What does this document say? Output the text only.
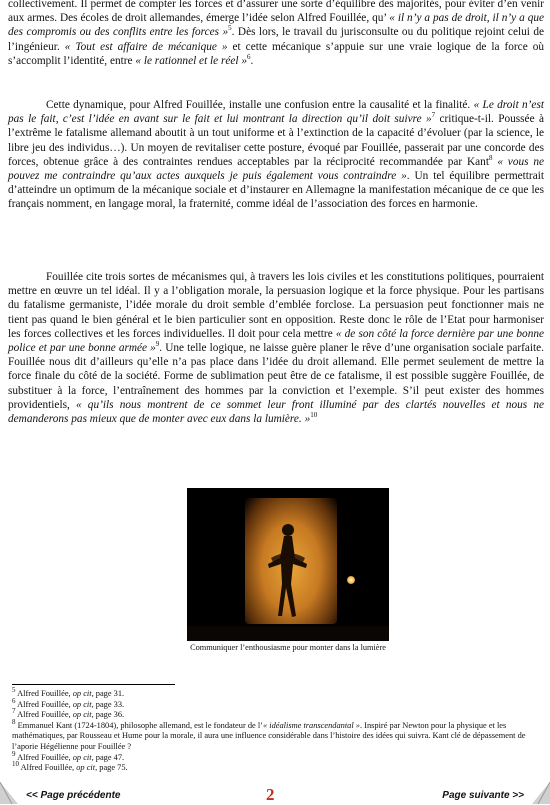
collectivement. Il permet de compter les forces et d’assurer une sorte d’équilibre des majorités, pour éviter d’en venir aux armes. Des écoles de droit allemandes, émerge l’idée selon Alfred Fouillée, qu’ « il n’y a pas de droit, il n’y a que des compromis ou des conflits entre les forces »$^5$. Dès lors, le travail du jurisconsulte ou du politique rejoint celui de l’ingénieur. « Tout est affaire de mécanique » et cette mécanique s’appuie sur une vraie logique de la force où s’accomplit l’identité, entre « le rationnel et le réel »$^6$.

Cette dynamique, pour Alfred Fouillée, installe une confusion entre la causalité et la finalité. « Le droit n’est pas le fait, c’est l’idée en avant sur le fait et lui montrant la direction qu’il doit suivre »$^7$ critique-t-il. Poussée à l’extrême le fatalisme allemand aboutit à un tout uniforme et à l’extinction de la capacité d’évoluer (par la science, le libre jeu des individus…). Un moyen de revitaliser cette posture, évoqué par Fouillée, passerait par une concorde des forces, obtenue grâce à des contraintes rendues acceptables par la réciprocité recommandée par Kant$^8$ « vous ne pouvez me contraindre qu’aux actes auxquels je puis également vous contraindre ». Un tel équilibre permettrait d’atteindre un optimum de la mécanique sociale et d’instaurer en Allemagne la manifestation mécanique de ce que les français nomment, en langage moral, la fraternité, comme idéal de l’association des forces en harmonie.

Fouillée cite trois sortes de mécanismes qui, à travers les lois civiles et les constitutions politiques, pourraient mettre en œuvre un tel idéal. Il y a l’obligation morale, la persuasion logique et la force physique. Pour les partisans du fatalisme germaniste, l’idée morale du droit semble d’emblée forclose. La persuasion peut fonctionner mais ne tient pas quand le bien général et le bien particulier sont en opposition. Reste donc le rôle de l’Etat pour harmoniser les forces collectives et les forces individuelles. Il doit pour cela mettre « de son côté la force dernière par une bonne police et par une bonne armée »$^9$. Une telle logique, ne laisse guère planer le rêve d’une organisation sociale parfaite. Fouillée nous dit d’ailleurs qu’elle n’a pas place dans l’idée du droit allemand. Elle permet seulement de mettre la force finale du côté de la société. Forme de sublimation peut être de ce fatalisme, il est possible suggère Fouillée, de substituer à la force, l’entraînement des hommes par la conviction et l’exemple. S’il peut exister des hommes providentiels, « qu’ils nous montrent de ce sommet leur front illuminé par des clartés nouvelles et nous ne demanderons pas mieux que de monter avec eux dans la lumière. »$^{10}$

Communiquer l’enthousiasme pour monter dans la lumière

$^5$ Alfred Fouillée, op cit, page 31.

$^6$ Alfred Fouillée, op cit, page 33.

$^7$ Alfred Fouillée, op cit, page 36.

$^8$ Emmanuel Kant (1724-1804), philosophe allemand, est le fondateur de l’« idéalisme transcendantal ». Inspiré par Newton pour la physique et les mathématiques, par Rousseau et Hume pour la morale, il aura une influence considérable dans l’histoire des idées qui suivra. Kant clé de dépassement de l’aporie Hégélienne pour Fouillée ?

$^9$ Alfred Fouillée, op cit, page 47.

$^{10}$ Alfred Fouillée, op cit, page 75.

<< Page précédente	2	Page suivante >>
